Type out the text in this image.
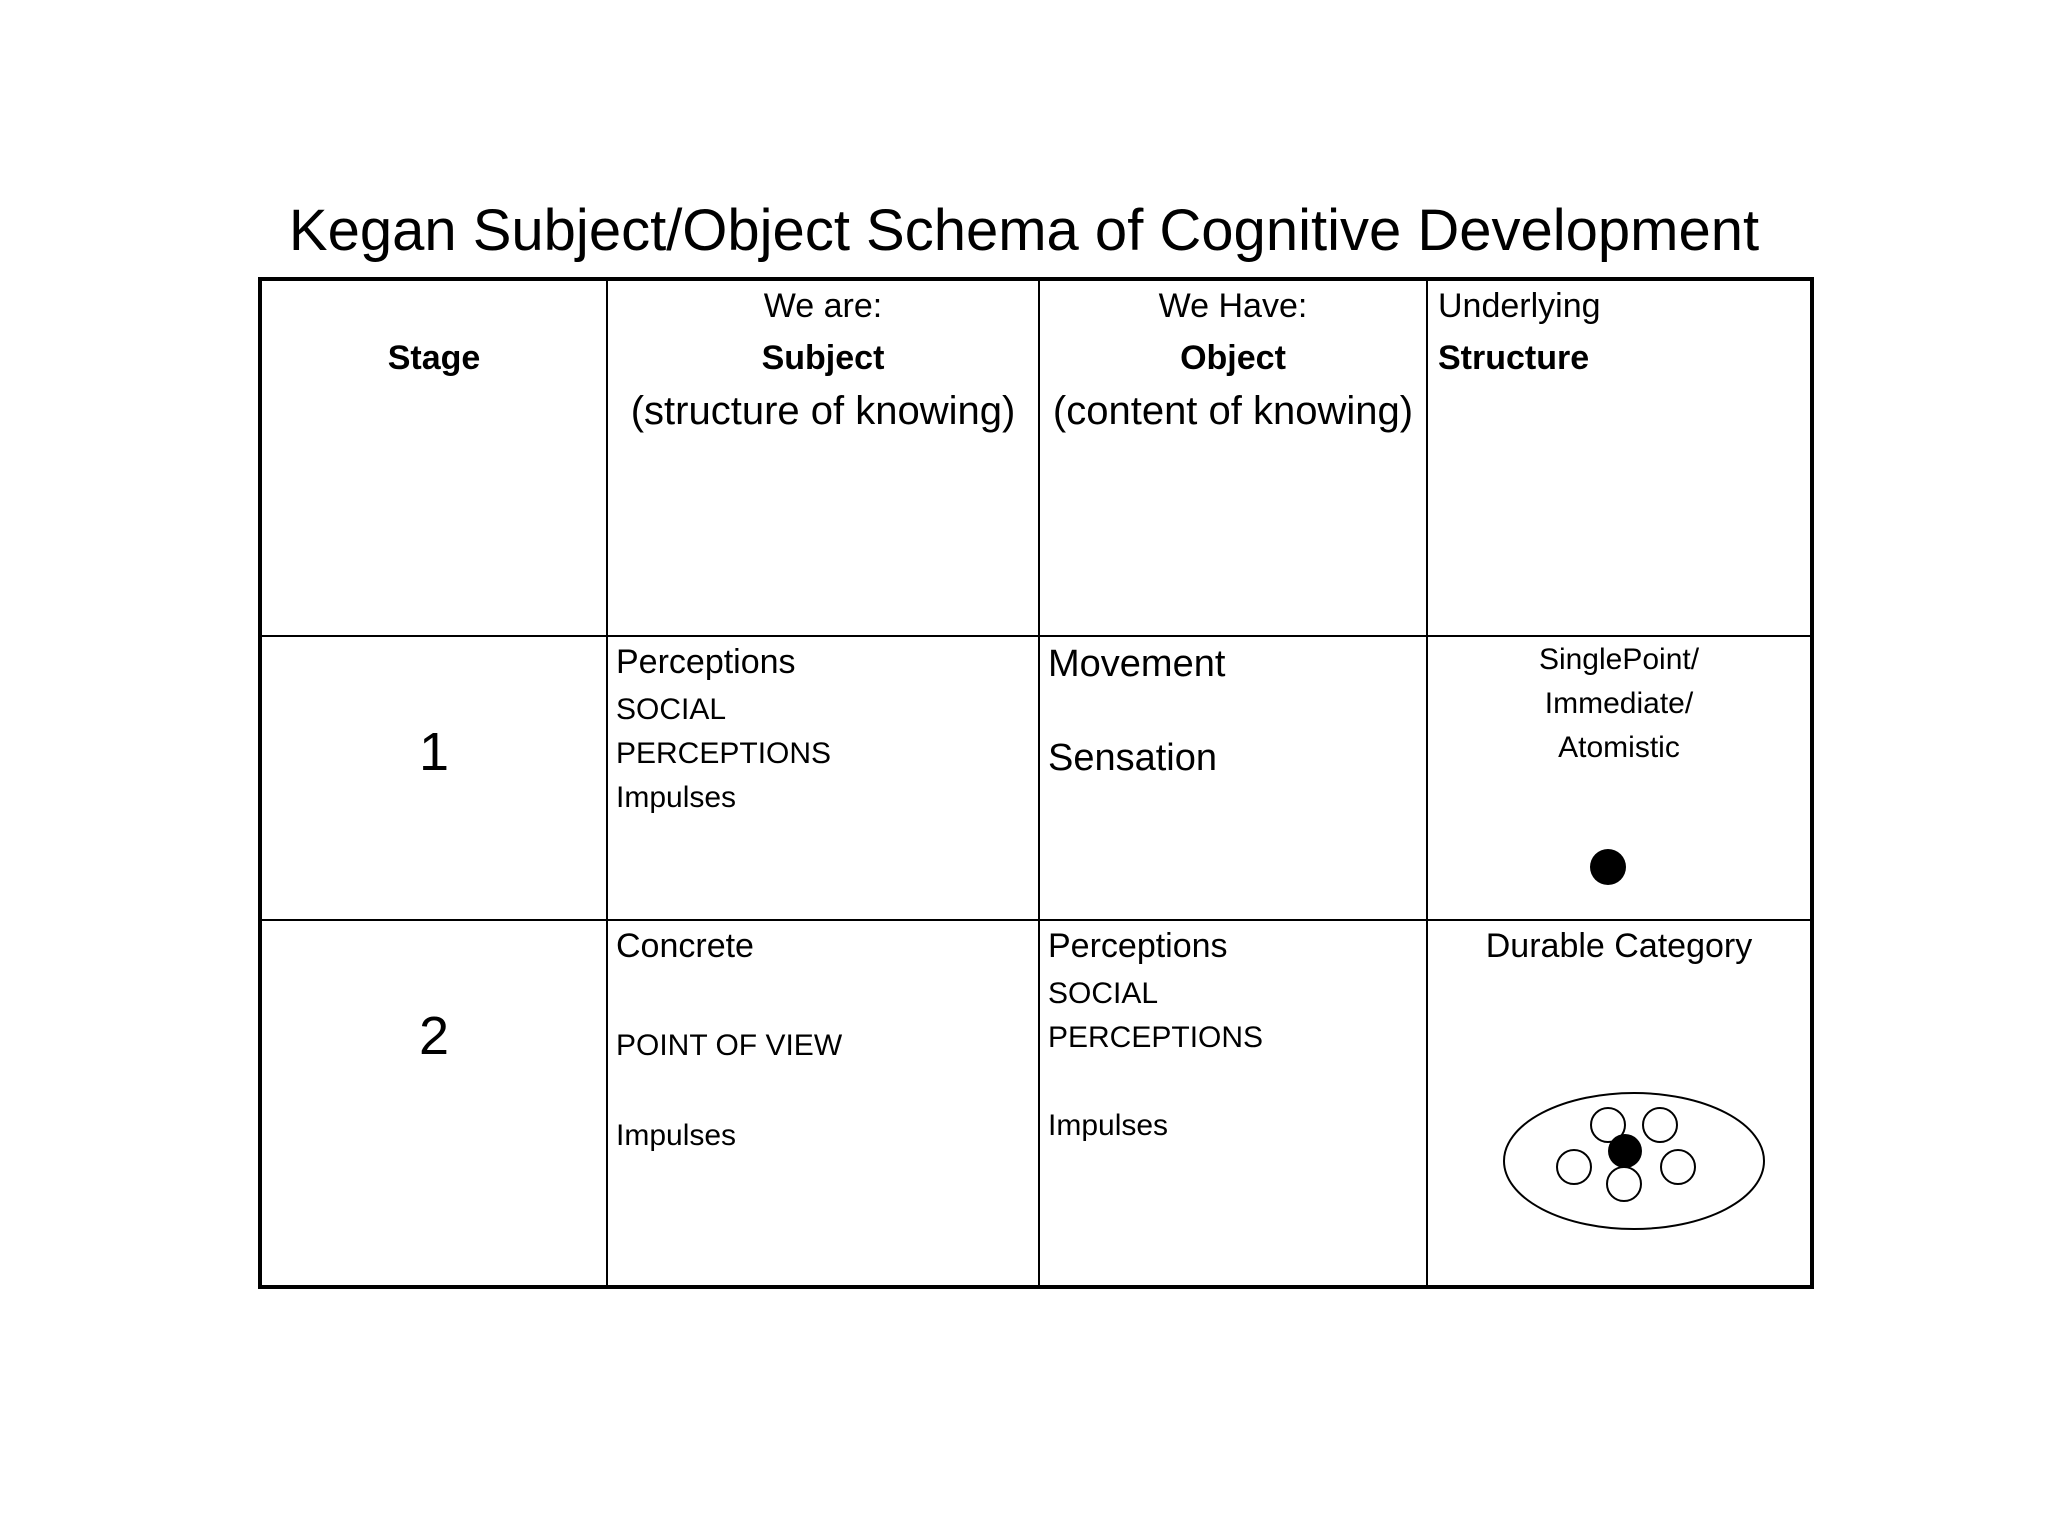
Kegan Subject/Object Schema of Cognitive Development
Stage
We are:
Subject
(structure of knowing)
We Have:
Object
(content of knowing)
Underlying
Structure
1
Perceptions
SOCIAL
PERCEPTIONS
Impulses
Movement
Sensation
SinglePoint/
Immediate/
Atomistic
2
Concrete
POINT OF VIEW
Impulses
Perceptions
SOCIAL
PERCEPTIONS
Impulses
Durable Category
